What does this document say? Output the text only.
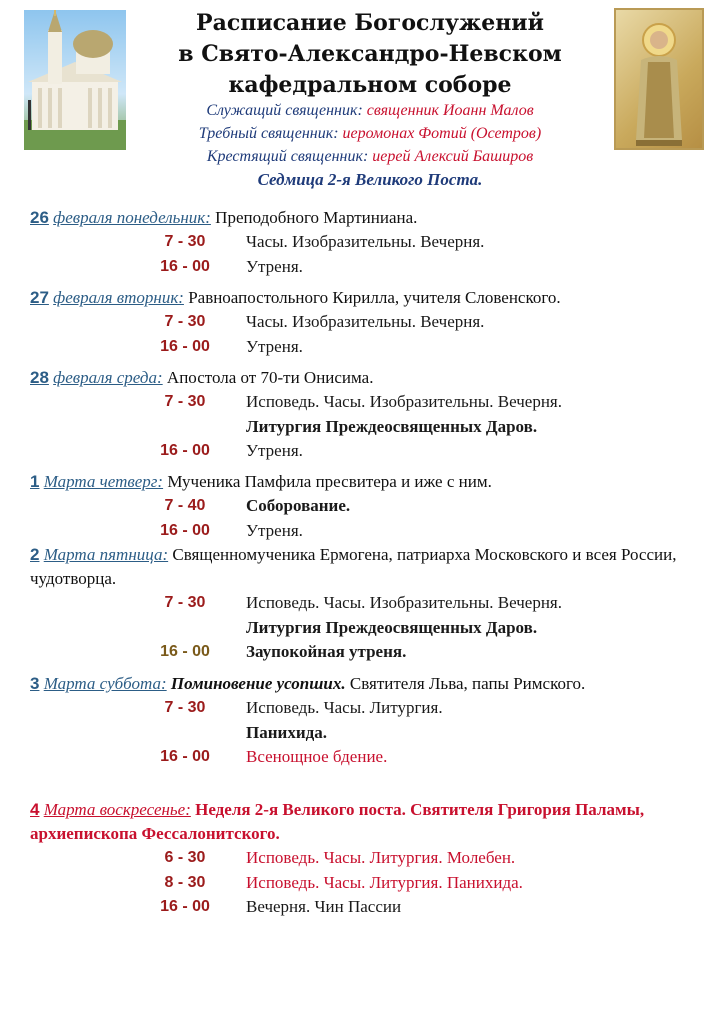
Расписание Богослужений
в Свято-Александро-Невском
кафедральном соборе
Служащий священник: священник Иоанн Малов
Требный священник: иеромонах Фотий (Осетров)
Крестящий священник: иерей Алексий Баширов
Седмица 2-я Великого Поста.
26 февраля понедельник: Преподобного Мартиниана.
7 - 30	Часы. Изобразительны. Вечерня.
16 - 00	Утреня.
27 февраля вторник: Равноапостольного Кирилла, учителя Словенского.
7 - 30	Часы. Изобразительны. Вечерня.
16 - 00	Утреня.
28 февраля среда: Апостола от 70-ти Онисима.
7 - 30	Исповедь. Часы. Изобразительны. Вечерня.
Литургия Преждеосвященных Даров.
16 - 00	Утреня.
1 Марта четверг: Мученика Памфила пресвитера и иже с ним.
7 - 40	Соборование.
16 - 00	Утреня.
2 Марта пятница: Священномученика Ермогена, патриарха Московского и всея России, чудотворца.
7 - 30	Исповедь. Часы. Изобразительны. Вечерня.
Литургия Преждеосвященных Даров.
16 - 00	Заупокойная утреня.
3 Марта суббота: Поминовение усопших. Святителя Льва, папы Римского.
7 - 30	Исповедь. Часы. Литургия.
Панихида.
16 - 00	Всенощное бдение.
4 Марта воскресенье: Неделя 2-я Великого поста. Святителя Григория Паламы, архиепископа Фессалонитского.
6 - 30	Исповедь. Часы. Литургия. Молебен.
8 - 30	Исповедь. Часы. Литургия. Панихида.
16 - 00	Вечерня. Чин Пассии
